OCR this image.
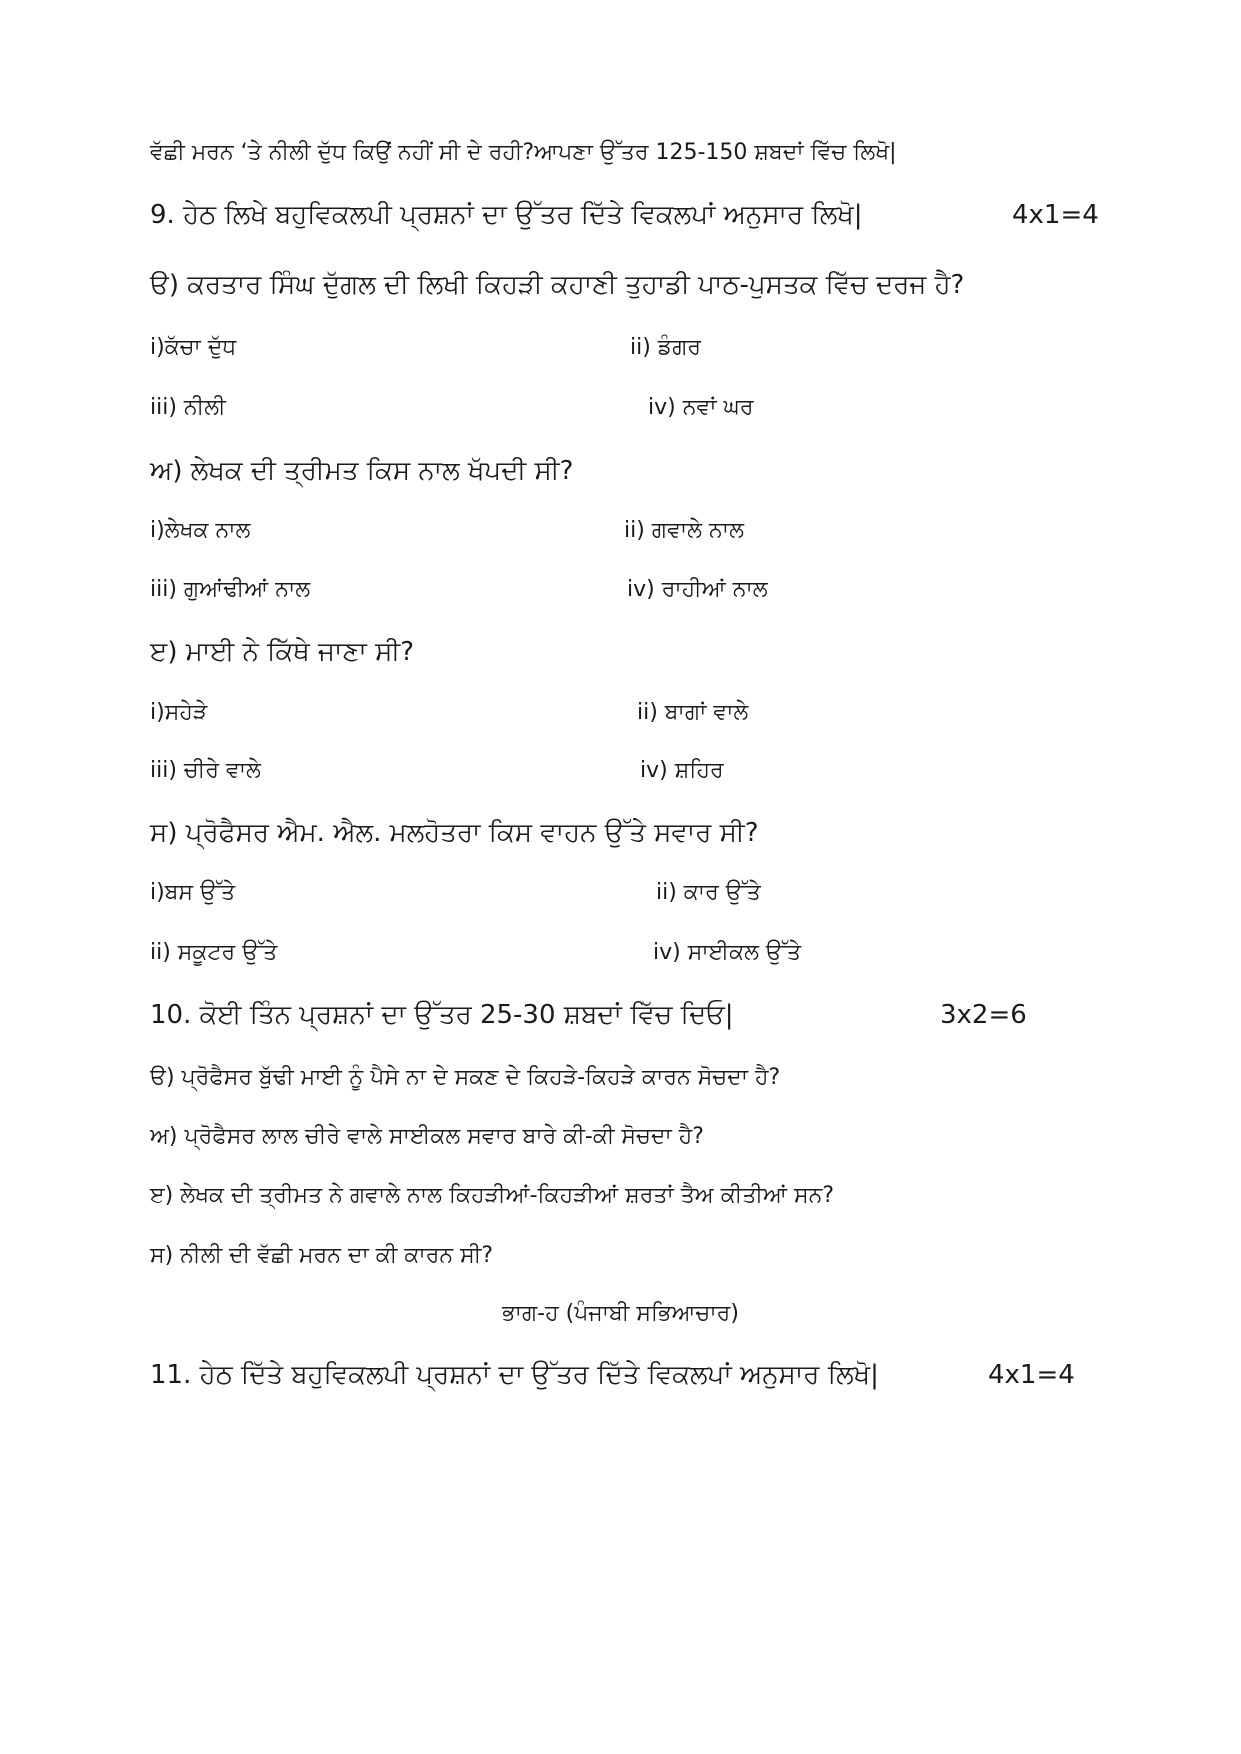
ਵੱਛੀ ਮਰਨ ‘ਤੇ ਨੀਲੀ ਦੁੱਧ ਕਿਉਂ ਨਹੀਂ ਸੀ ਦੇ ਰਹੀ?ਆਪਣਾ ਉੱਤਰ 125-150 ਸ਼ਬਦਾਂ ਵਿੱਚ ਲਿਖੋ|
9. ਹੇਠ ਲਿਖੇ ਬਹੁਵਿਕਲਪੀ ਪ੍ਰਸ਼ਨਾਂ ਦਾ ਉੱਤਰ ਦਿੱਤੇ ਵਿਕਲਪਾਂ ਅਨੁਸਾਰ ਲਿਖੋ|	4x1=4
ੳ) ਕਰਤਾਰ ਸਿੰਘ ਦੁੱਗਲ ਦੀ ਲਿਖੀ ਕਿਹੜੀ ਕਹਾਣੀ ਤੁਹਾਡੀ ਪਾਠ-ਪੁਸਤਕ ਵਿੱਚ ਦਰਜ ਹੈ?
i)ਕੱਚਾ ਦੁੱਧ	ii) ਡੰਗਰ
iii) ਨੀਲੀ	iv) ਨਵਾਂ ਘਰ
ਅ) ਲੇਖਕ ਦੀ ਤ੍ਰੀਮਤ ਕਿਸ ਨਾਲ ਖੱਪਦੀ ਸੀ?
i)ਲੇਖਕ ਨਾਲ	ii) ਗਵਾਲੇ ਨਾਲ
iii) ਗੁਆਂਢੀਆਂ ਨਾਲ	iv) ਰਾਹੀਆਂ ਨਾਲ
ੲ) ਮਾਈ ਨੇ ਕਿੱਥੇ ਜਾਣਾ ਸੀ?
i)ਸਹੇੜੇ	ii) ਬਾਗਾਂ ਵਾਲੇ
iii) ਚੀਰੇ ਵਾਲੇ	iv) ਸ਼ਹਿਰ
ਸ) ਪ੍ਰੋਫੈਸਰ ਐਮ. ਐਲ. ਮਲਹੋਤਰਾ ਕਿਸ ਵਾਹਨ ਉੱਤੇ ਸਵਾਰ ਸੀ?
i)ਬਸ ਉੱਤੇ	ii) ਕਾਰ ਉੱਤੇ
ii) ਸਕੂਟਰ ਉੱਤੇ	iv) ਸਾਈਕਲ ਉੱਤੇ
10. ਕੋਈ ਤਿੰਨ ਪ੍ਰਸ਼ਨਾਂ ਦਾ ਉੱਤਰ 25-30 ਸ਼ਬਦਾਂ ਵਿੱਚ ਦਿਓ|	3x2=6
ੳ) ਪ੍ਰੋਫੈਸਰ ਬੁੱਢੀ ਮਾਈ ਨੂੰ ਪੈਸੇ ਨਾ ਦੇ ਸਕਣ ਦੇ ਕਿਹੜੇ-ਕਿਹੜੇ ਕਾਰਨ ਸੋਚਦਾ ਹੈ?
ਅ) ਪ੍ਰੋਫੈਸਰ ਲਾਲ ਚੀਰੇ ਵਾਲੇ ਸਾਈਕਲ ਸਵਾਰ ਬਾਰੇ ਕੀ-ਕੀ ਸੋਚਦਾ ਹੈ?
ੲ) ਲੇਖਕ ਦੀ ਤ੍ਰੀਮਤ ਨੇ ਗਵਾਲੇ ਨਾਲ ਕਿਹੜੀਆਂ-ਕਿਹੜੀਆਂ ਸ਼ਰਤਾਂ ਤੈਅ ਕੀਤੀਆਂ ਸਨ?
ਸ) ਨੀਲੀ ਦੀ ਵੱਛੀ ਮਰਨ ਦਾ ਕੀ ਕਾਰਨ ਸੀ?
ਭਾਗ-ਹ (ਪੰਜਾਬੀ ਸਭਿਆਚਾਰ)
11. ਹੇਠ ਦਿੱਤੇ ਬਹੁਵਿਕਲਪੀ ਪ੍ਰਸ਼ਨਾਂ ਦਾ ਉੱਤਰ ਦਿੱਤੇ ਵਿਕਲਪਾਂ ਅਨੁਸਾਰ ਲਿਖੋ|	4x1=4
